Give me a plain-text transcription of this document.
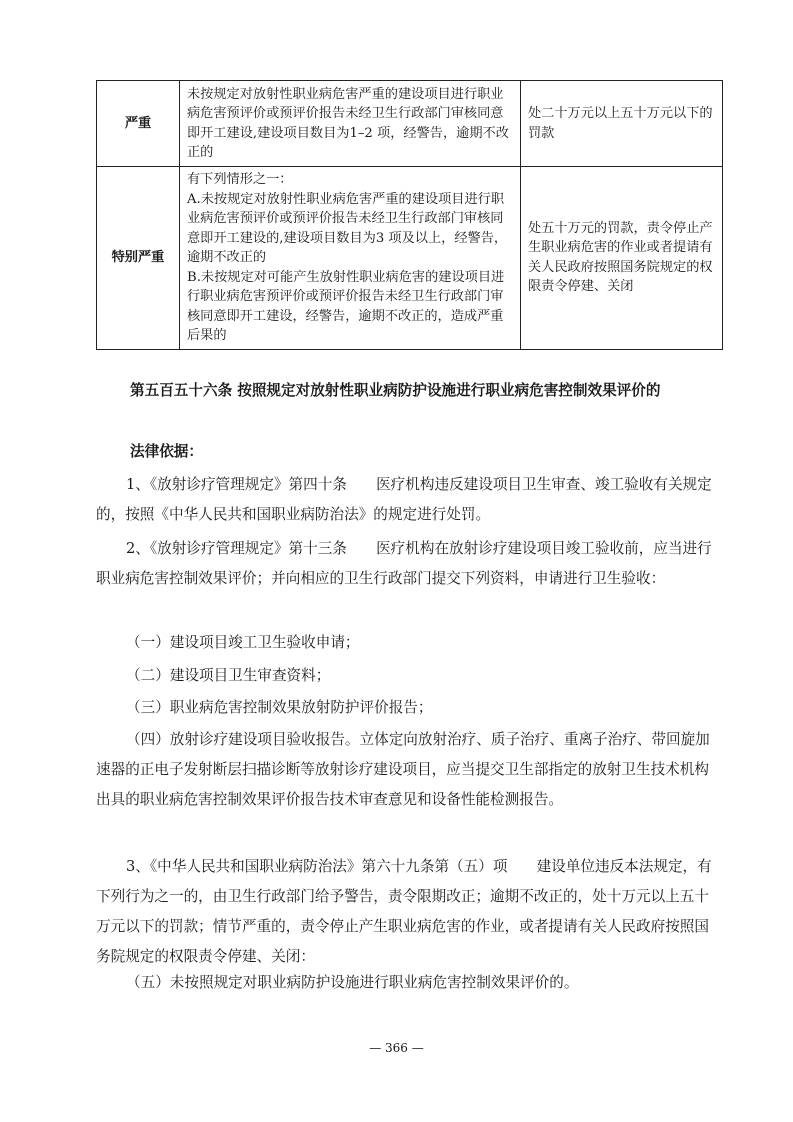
严重	未按规定对放射性职业病危害严重的建设项目进行职业病危害预评价或预评价报告未经卫生行政部门审核同意即开工建设,建设项目数目为1–2 项，经警告，逾期不改正的	处二十万元以上五十万元以下的罚款
特别严重	有下列情形之一：
A.未按规定对放射性职业病危害严重的建设项目进行职业病危害预评价或预评价报告未经卫生行政部门审核同意即开工建设的,建设项目数目为3 项及以上，经警告，逾期不改正的
B.未按规定对可能产生放射性职业病危害的建设项目进行职业病危害预评价或预评价报告未经卫生行政部门审核同意即开工建设，经警告，逾期不改正的，造成严重后果的	处五十万元的罚款，责令停止产生职业病危害的作业或者提请有关人民政府按照国务院规定的权限责令停建、关闭
第五百五十六条 按照规定对放射性职业病防护设施进行职业病危害控制效果评价的
法律依据：
1、《放射诊疗管理规定》第四十条　　医疗机构违反建设项目卫生审查、竣工验收有关规定的，按照《中华人民共和国职业病防治法》的规定进行处罚。
2、《放射诊疗管理规定》第十三条　　医疗机构在放射诊疗建设项目竣工验收前，应当进行职业病危害控制效果评价；并向相应的卫生行政部门提交下列资料，申请进行卫生验收：
（一）建设项目竣工卫生验收申请；
（二）建设项目卫生审查资料；
（三）职业病危害控制效果放射防护评价报告；
（四）放射诊疗建设项目验收报告。立体定向放射治疗、质子治疗、重离子治疗、带回旋加速器的正电子发射断层扫描诊断等放射诊疗建设项目，应当提交卫生部指定的放射卫生技术机构出具的职业病危害控制效果评价报告技术审查意见和设备性能检测报告。
3、《中华人民共和国职业病防治法》第六十九条第（五）项　　建设单位违反本法规定，有下列行为之一的，由卫生行政部门给予警告，责令限期改正；逾期不改正的，处十万元以上五十万元以下的罚款；情节严重的，责令停止产生职业病危害的作业，或者提请有关人民政府按照国务院规定的权限责令停建、关闭：
（五）未按照规定对职业病防护设施进行职业病危害控制效果评价的。
— 366 —
